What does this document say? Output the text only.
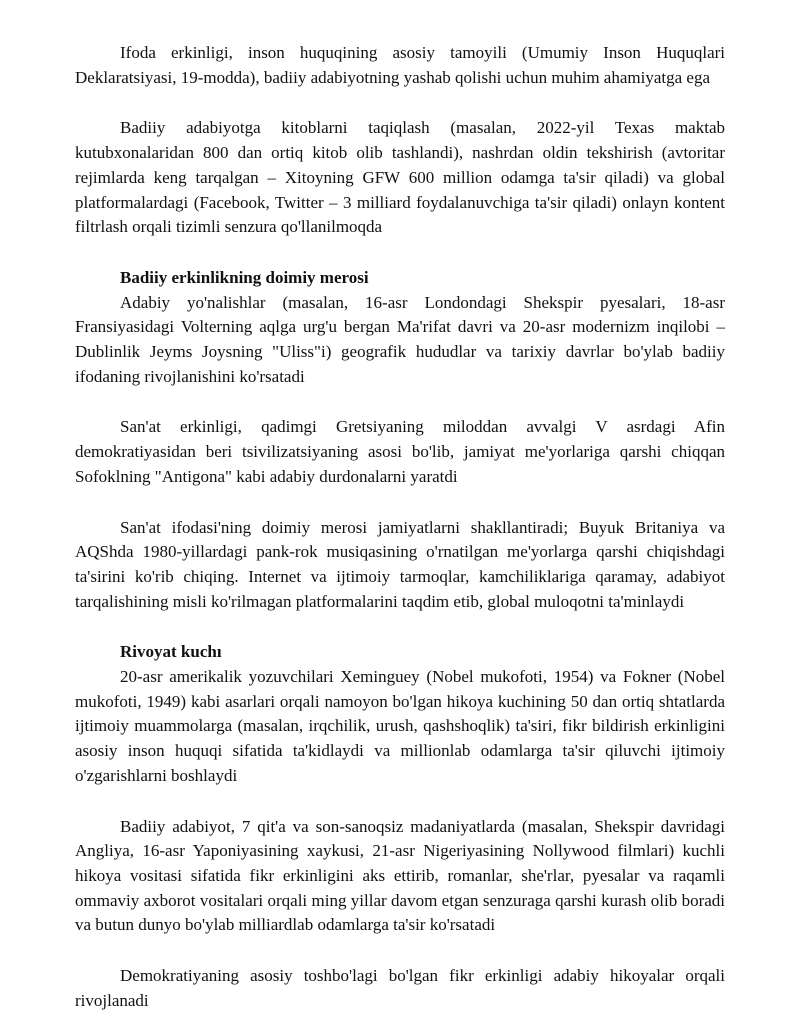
Ifoda erkinligi, inson huquqining asosiy tamoyili (Umumiy Inson Huquqlari Deklaratsiyasi, 19-modda), badiiy adabiyotning yashab qolishi uchun muhim ahamiyatga ega

Badiiy adabiyotga kitoblarni taqiqlash (masalan, 2022-yil Texas maktab kutubxonalaridan 800 dan ortiq kitob olib tashlandi), nashrdan oldin tekshirish (avtoritar rejimlarda keng tarqalgan – Xitoyning GFW 600 million odamga ta'sir qiladi) va global platformalardagi (Facebook, Twitter – 3 milliard foydalanuvchiga ta'sir qiladi) onlayn kontent filtrlash orqali tizimli senzura qo'llanilmoqda

Badiiy erkinlikning doimiy merosi

Adabiy yo'nalishlar (masalan, 16-asr Londondagi Shekspir pyesalari, 18-asr Fransiyasidagi Volterning aqlga urg'u bergan Ma'rifat davri va 20-asr modernizm inqilobi – Dublinlik Jeyms Joysning "Uliss"i) geografik hududlar va tarixiy davrlar bo'ylab badiiy ifodaning rivojlanishini ko'rsatadi

San'at erkinligi, qadimgi Gretsiyaning miloddan avvalgi V asrdagi Afin demokratiyasidan beri tsivilizatsiyaning asosi bo'lib, jamiyat me'yorlariga qarshi chiqqan Sofoklning "Antigona" kabi adabiy durdonalarni yaratdi

San'at ifodasi'ning doimiy merosi jamiyatlarni shakllantiradi; Buyuk Britaniya va AQShda 1980-yillardagi pank-rok musiqasining o'rnatilgan me'yorlarga qarshi chiqishdagi ta'sirini ko'rib chiqing. Internet va ijtimoiy tarmoqlar, kamchiliklariga qaramay, adabiyot tarqalishining misli ko'rilmagan platformalarini taqdim etib, global muloqotni ta'minlaydi

Rivoyat kuchı

20-asr amerikalik yozuvchilari Xeminguey (Nobel mukofoti, 1954) va Fokner (Nobel mukofoti, 1949) kabi asarlari orqali namoyon bo'lgan hikoya kuchining 50 dan ortiq shtatlarda ijtimoiy muammolarga (masalan, irqchilik, urush, qashshoqlik) ta'siri, fikr bildirish erkinligini asosiy inson huquqi sifatida ta'kidlaydi va millionlab odamlarga ta'sir qiluvchi ijtimoiy o'zgarishlarni boshlaydi

Badiiy adabiyot, 7 qit'a va son-sanoqsiz madaniyatlarda (masalan, Shekspir davridagi Angliya, 16-asr Yaponiyasining xaykusi, 21-asr Nigeriyasining Nollywood filmlari) kuchli hikoya vositasi sifatida fikr erkinligini aks ettirib, romanlar, she'rlar, pyesalar va raqamli ommaviy axborot vositalari orqali ming yillar davom etgan senzuraga qarshi kurash olib boradi va butun dunyo bo'ylab milliardlab odamlarga ta'sir ko'rsatadi

Demokratiyaning asosiy toshbo'lagi bo'lgan fikr erkinligi adabiy hikoyalar orqali rivojlanadi
